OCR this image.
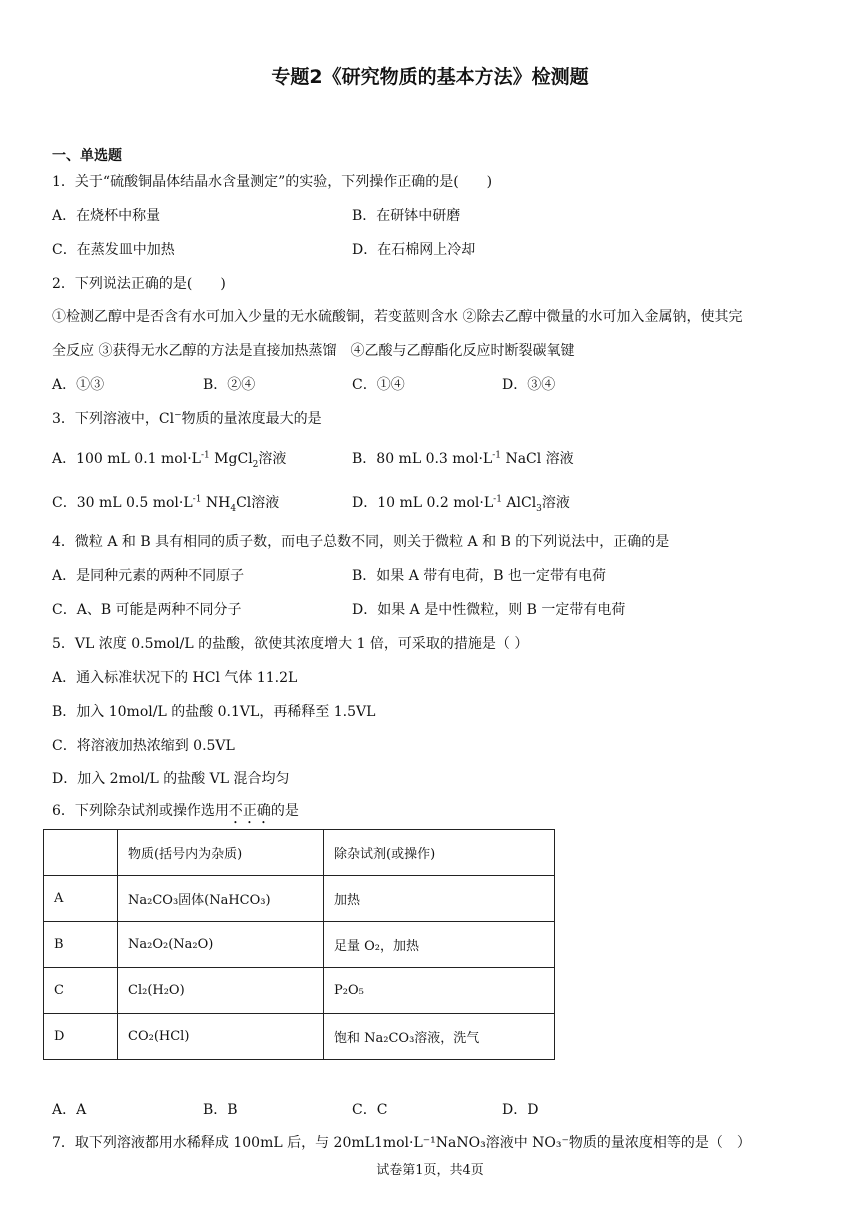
专题2《研究物质的基本方法》检测题
一、单选题
1．关于“硫酸铜晶体结晶水含量测定”的实验，下列操作正确的是(　　)
A．在烧杯中称量	B．在研钵中研磨
C．在蒸发皿中加热	D．在石棉网上冷却
2．下列说法正确的是(　　)
①检测乙醇中是否含有水可加入少量的无水硫酸铜，若变蓝则含水 ②除去乙醇中微量的水可加入金属钠，使其完
全反应 ③获得无水乙醇的方法是直接加热蒸馏　④乙酸与乙醇酯化反应时断裂碳氧键
A．①③	B．②④	C．①④	D．③④
3．下列溶液中，Cl−物质的量浓度最大的是
A．100 mL 0.1 $mol\cdot L^{-1}$ MgCl$_2$溶液	B．80 mL 0.3 $mol\cdot L^{-1}$ NaCl 溶液
C．30 mL 0.5 $mol\cdot L^{-1}$ $NH_4Cl$溶液	D．10 mL 0.2 $mol\cdot L^{-1}$ AlCl$_3$溶液
4．微粒 A 和 B 具有相同的质子数，而电子总数不同，则关于微粒 A 和 B 的下列说法中，正确的是
A．是同种元素的两种不同原子	B．如果 A 带有电荷，B 也一定带有电荷
C．A、B 可能是两种不同分子	D．如果 A 是中性微粒，则 B 一定带有电荷
5．VL 浓度 0.5mol/L 的盐酸，欲使其浓度增大 1 倍，可采取的措施是（ ）
A．通入标准状况下的 HCl 气体 11.2L
B．加入 10mol/L 的盐酸 0.1VL，再稀释至 1.5VL
C．将溶液加热浓缩到 0.5VL
D．加入 2mol/L 的盐酸 VL 混合均匀
6．下列除杂试剂或操作选用不正确的是
	物质(括号内为杂质)	除杂试剂(或操作)
A	Na₂CO₃固体(NaHCO₃)	加热
B	Na₂O₂(Na₂O)	足量 O₂，加热
C	Cl₂(H₂O)	P₂O₅
D	CO₂(HCl)	饱和 Na₂CO₃溶液，洗气
A．A	B．B	C．C	D．D
7．取下列溶液都用水稀释成 100mL 后，与 20mL1mol·L⁻¹NaNO₃溶液中 NO₃⁻物质的量浓度相等的是（　）
试卷第1页，共4页
